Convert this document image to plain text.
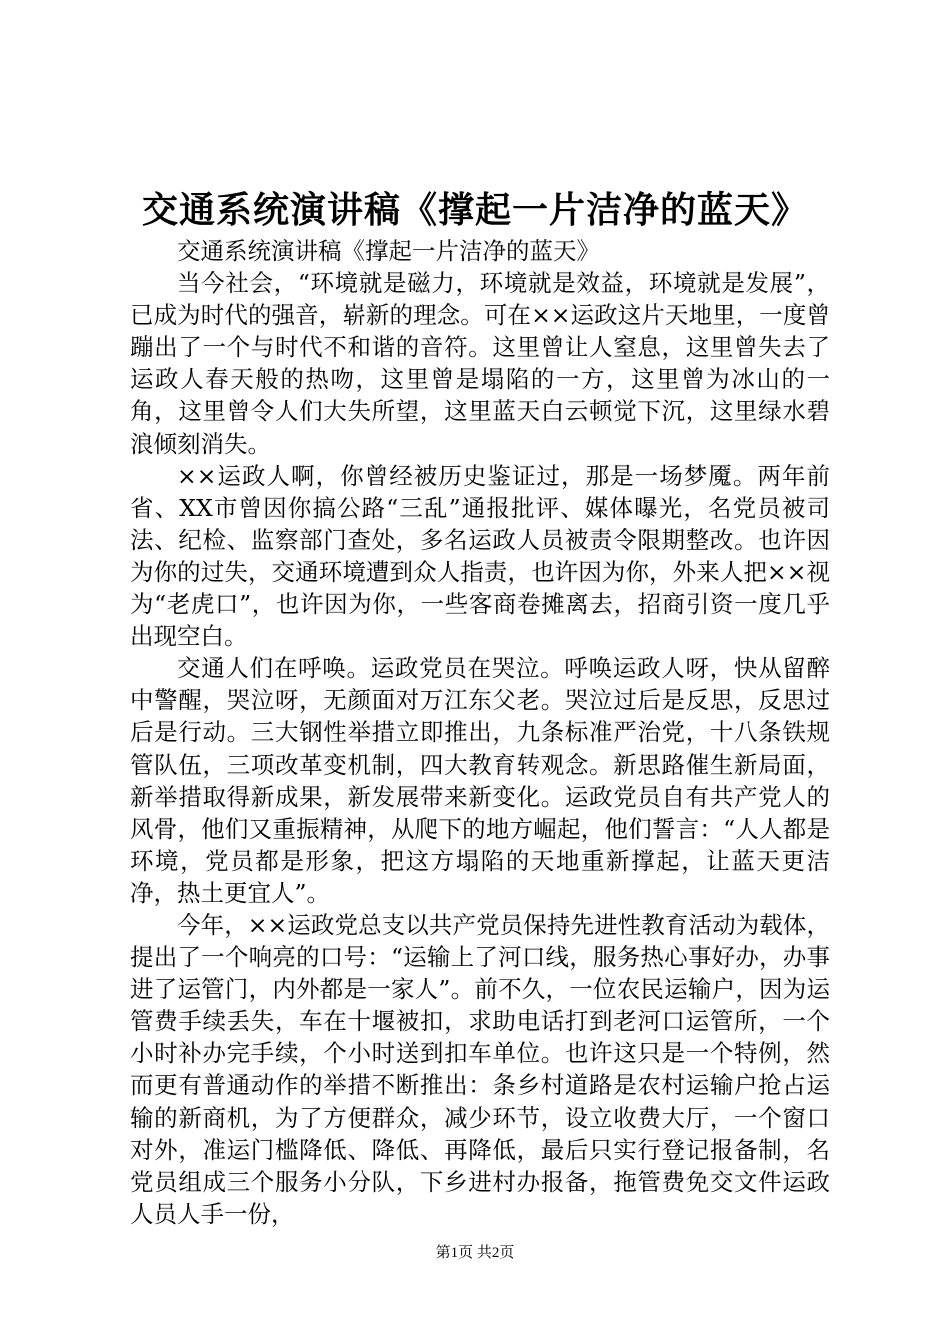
交通系统演讲稿《撑起一片洁净的蓝天》

交通系统演讲稿《撑起一片洁净的蓝天》

当今社会，“环境就是磁力，环境就是效益，环境就是发展”，已成为时代的强音，崭新的理念。可在××运政这片天地里，一度曾蹦出了一个与时代不和谐的音符。这里曾让人窒息，这里曾失去了运政人春天般的热吻，这里曾是塌陷的一方，这里曾为冰山的一角，这里曾令人们大失所望，这里蓝天白云顿觉下沉，这里绿水碧浪倾刻消失。

××运政人啊，你曾经被历史鉴证过，那是一场梦魇。两年前省、XX市曾因你搞公路“三乱”通报批评、媒体曝光，名党员被司法、纪检、监察部门查处，多名运政人员被责令限期整改。也许因为你的过失，交通环境遭到众人指责，也许因为你，外来人把××视为“老虎口”，也许因为你，一些客商卷摊离去，招商引资一度几乎出现空白。

交通人们在呼唤。运政党员在哭泣。呼唤运政人呀，快从留醉中警醒，哭泣呀，无颜面对万江东父老。哭泣过后是反思，反思过后是行动。三大钢性举措立即推出，九条标准严治党，十八条铁规管队伍，三项改革变机制，四大教育转观念。新思路催生新局面，新举措取得新成果，新发展带来新变化。运政党员自有共产党人的风骨，他们又重振精神，从爬下的地方崛起，他们誓言：“人人都是环境，党员都是形象，把这方塌陷的天地重新撑起，让蓝天更洁净，热土更宜人”。

今年，××运政党总支以共产党员保持先进性教育活动为载体，提出了一个响亮的口号：“运输上了河口线，服务热心事好办，办事进了运管门，内外都是一家人”。前不久，一位农民运输户，因为运管费手续丢失，车在十堰被扣，求助电话打到老河口运管所，一个小时补办完手续，个小时送到扣车单位。也许这只是一个特例，然而更有普通动作的举措不断推出：条乡村道路是农村运输户抢占运输的新商机，为了方便群众，减少环节，设立收费大厅，一个窗口对外，准运门槛降低、降低、再降低，最后只实行登记报备制，名党员组成三个服务小分队，下乡进村办报备，拖管费免交文件运政人员人手一份，

第1页 共2页
